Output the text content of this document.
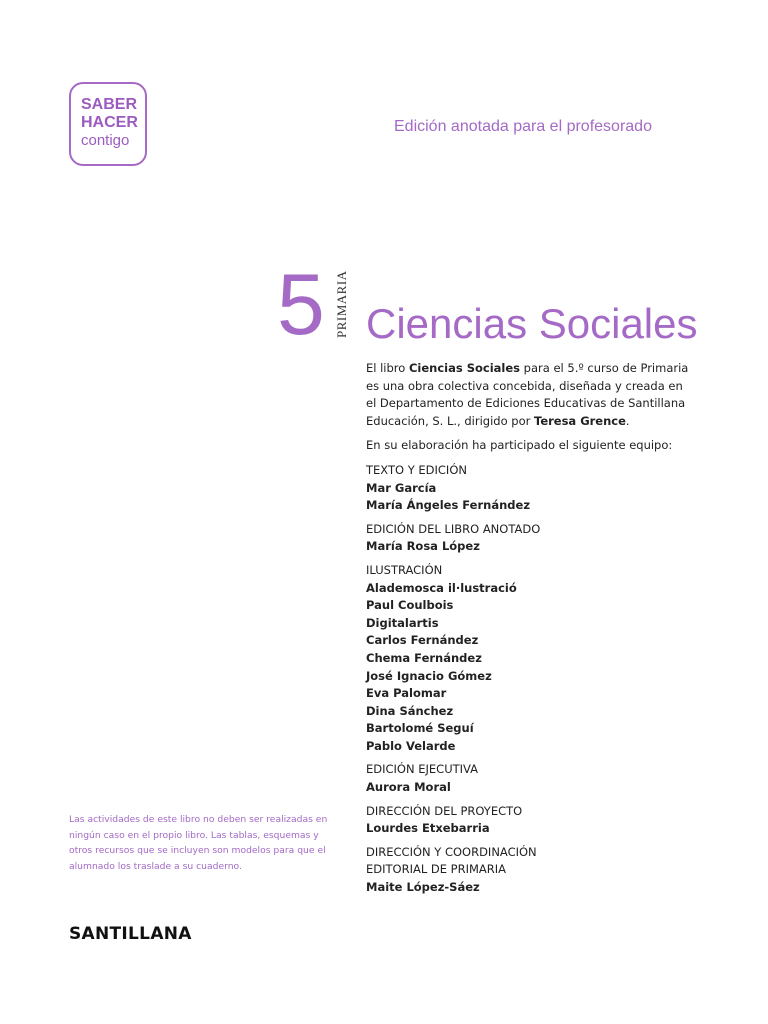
SABER
HACER
contigo
Edición anotada para el profesorado
5 PRIMARIA Ciencias Sociales

El libro Ciencias Sociales para el 5.º curso de Primaria es una obra colectiva concebida, diseñada y creada en el Departamento de Ediciones Educativas de Santillana Educación, S. L., dirigido por Teresa Grence.

En su elaboración ha participado el siguiente equipo:

TEXTO Y EDICIÓN
Mar García
María Ángeles Fernández
EDICIÓN DEL LIBRO ANOTADO
María Rosa López
ILUSTRACIÓN
Alademosca il·lustració
Paul Coulbois
Digitalartis
Carlos Fernández
Chema Fernández
José Ignacio Gómez
Eva Palomar
Dina Sánchez
Bartolomé Seguí
Pablo Velarde
EDICIÓN EJECUTIVA
Aurora Moral
DIRECCIÓN DEL PROYECTO
Lourdes Etxebarria
DIRECCIÓN Y COORDINACIÓN
EDITORIAL DE PRIMARIA
Maite López-Sáez
Las actividades de este libro no deben ser realizadas en ningún caso en el propio libro. Las tablas, esquemas y otros recursos que se incluyen son modelos para que el alumnado los traslade a su cuaderno.
SANTILLANA
